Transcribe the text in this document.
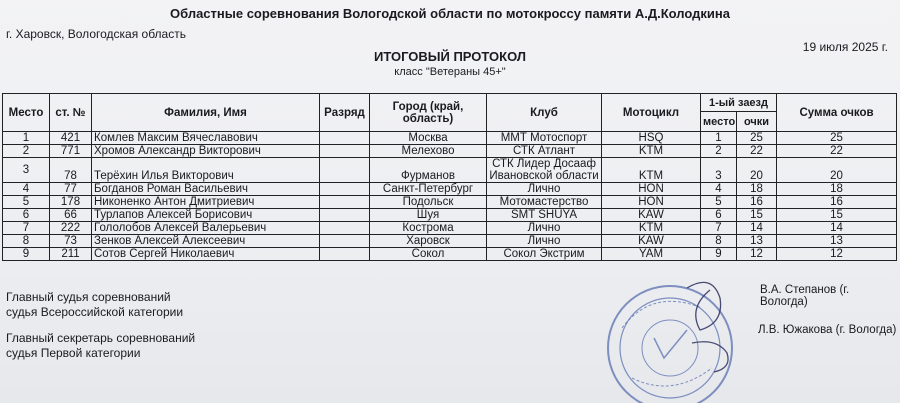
Областные соревнования Вологодской области по мотокроссу памяти А.Д.Колодкина
г. Харовск, Вологодская область
19 июля 2025 г.
ИТОГОВЫЙ ПРОТОКОЛ
класс "Ветераны 45+"
Место	ст. №	Фамилия, Имя	Разряд	Город (край, область)	Клуб	Мотоцикл	1-ый заезд		Сумма очков
							место	очки	
1	421	Комлев Максим Вячеславович		Москва	ММТ Мотоспорт	HSQ	1	25	25
2	771	Хромов Александр Викторович		Мелехово	СТК Атлант	KTM	2	22	22
3	78	Терёхин Илья Викторович		Фурманов	СТК Лидер Досааф Ивановской области	KTM	3	20	20
4	77	Богданов Роман Васильевич		Санкт-Петербург	Лично	HON	4	18	18
5	178	Никоненко Антон Дмитриевич		Подольск	Мотомастерство	HON	5	16	16
6	66	Турлапов Алексей Борисович		Шуя	SMT SHUYA	KAW	6	15	15
7	222	Гололобов Алексей Валерьевич		Кострома	Лично	KTM	7	14	14
8	73	Зенков Алексей Алексеевич		Харовск	Лично	KAW	8	13	13
9	211	Сотов Сергей Николаевич		Сокол	Сокол Экстрим	YAM	9	12	12
Главный судья соревнований
судья Всероссийской категории
Главный секретарь соревнований
судья Первой категории
В.А. Степанов (г. Вологда)
Л.В. Южакова (г. Вологда)
